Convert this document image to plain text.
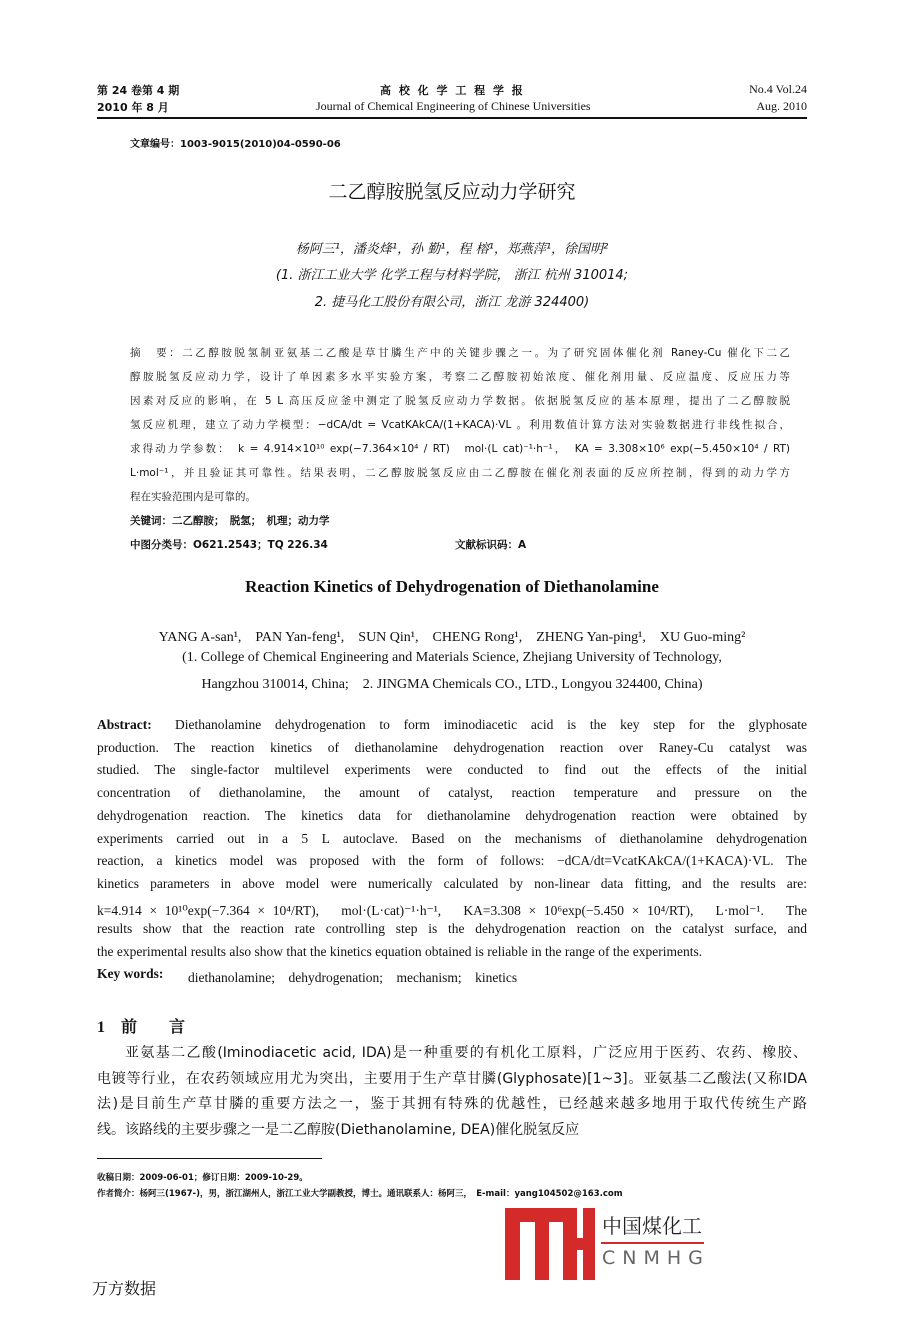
第 24 卷第 4 期
2010 年 8 月
高 校 化 学 工 程 学 报
Journal of Chemical Engineering of Chinese Universities
No.4 Vol.24
Aug. 2010
文章编号：1003-9015(2010)04-0590-06
二乙醇胺脱氢反应动力学研究
杨阿三¹，潘炎烽¹，孙 勤¹，程 榕¹，郑燕萍¹，徐国明²
(1. 浙江工业大学 化学工程与材料学院， 浙江 杭州 310014;
2. 捷马化工股份有限公司，浙江 龙游 324400)
摘　要：二乙醇胺脱氢制亚氨基二乙酸是草甘膦生产中的关键步骤之一。为了研究固体催化剂 Raney-Cu 催化下二乙
醇胺脱氢反应动力学，设计了单因素多水平实验方案，考察二乙醇胺初始浓度、催化剂用量、反应温度、反应压力等
因素对反应的影响，在 5 L 高压反应釜中测定了脱氢反应动力学数据。依据脱氢反应的基本原理，提出了二乙醇胺脱
氢反应机理，建立了动力学模型：−dCA/dt = VcatKAkCA/(1+KACA)·VL 。利用数值计算方法对实验数据进行非线性拟合，
求得动力学参数：　k = 4.914×10¹⁰ exp(−7.364×10⁴ / RT)　mol·(L cat)⁻¹·h⁻¹，　KA = 3.308×10⁶ exp(−5.450×10⁴ / RT)
L·mol⁻¹，并且验证其可靠性。结果表明，二乙醇胺脱氢反应由二乙醇胺在催化剂表面的反应所控制，得到的动力学方
程在实验范围内是可靠的。
关键词：二乙醇胺；　脱氢；　机理；动力学
中图分类号：O621.2543；TQ 226.34	文献标识码：A
Reaction Kinetics of Dehydrogenation of Diethanolamine
YANG A-san¹,　PAN Yan-feng¹,　SUN Qin¹,　CHENG Rong¹,　ZHENG Yan-ping¹,　XU Guo-ming²
(1. College of Chemical Engineering and Materials Science, Zhejiang University of Technology,
Hangzhou 310014, China;　2. JINGMA Chemicals CO., LTD., Longyou 324400, China)
Abstract: Diethanolamine dehydrogenation to form iminodiacetic acid is the key step for the glyphosate
production. The reaction kinetics of diethanolamine dehydrogenation reaction over Raney-Cu catalyst was
studied. The single-factor multilevel experiments were conducted to find out the effects of the initial
concentration of diethanolamine, the amount of catalyst, reaction temperature and pressure on the
dehydrogenation reaction. The kinetics data for diethanolamine dehydrogenation reaction were obtained by
experiments carried out in a 5 L autoclave. Based on the mechanisms of diethanolamine dehydrogenation
reaction, a kinetics model was proposed with the form of follows: −dCA/dt=VcatKAkCA/(1+KACA)·VL. The
kinetics parameters in above model were numerically calculated by non-linear data fitting, and the results are:
k=4.914 × 10¹⁰exp(−7.364 × 10⁴/RT),　mol·(L·cat)⁻¹·h⁻¹,　KA=3.308 × 10⁶exp(−5.450 × 10⁴/RT),　L·mol⁻¹.　The
results show that the reaction rate controlling step is the dehydrogenation reaction on the catalyst surface, and
the experimental results also show that the kinetics equation obtained is reliable in the range of the experiments.
Key words: diethanolamine;　dehydrogenation;　mechanism;　kinetics
1　前　　言
亚氨基二乙酸(Iminodiacetic acid, IDA)是一种重要的有机化工原料，广泛应用于医药、农药、橡胶、
电镀等行业，在农药领域应用尤为突出，主要用于生产草甘膦(Glyphosate)[1~3]。亚氨基二乙酸法(又称IDA
法)是目前生产草甘膦的重要方法之一，鉴于其拥有特殊的优越性，已经越来越多地用于取代传统生产路
线。该路线的主要步骤之一是二乙醇胺(Diethanolamine, DEA)催化脱氢反应
收稿日期：2009-06-01；修订日期：2009-10-29。
作者简介：杨阿三(1967-)，男，浙江湖州人，浙江工业大学副教授，博士。通讯联系人：杨阿三，　E-mail：yang104502@163.com
中国煤化工
CNMHG
万方数据
